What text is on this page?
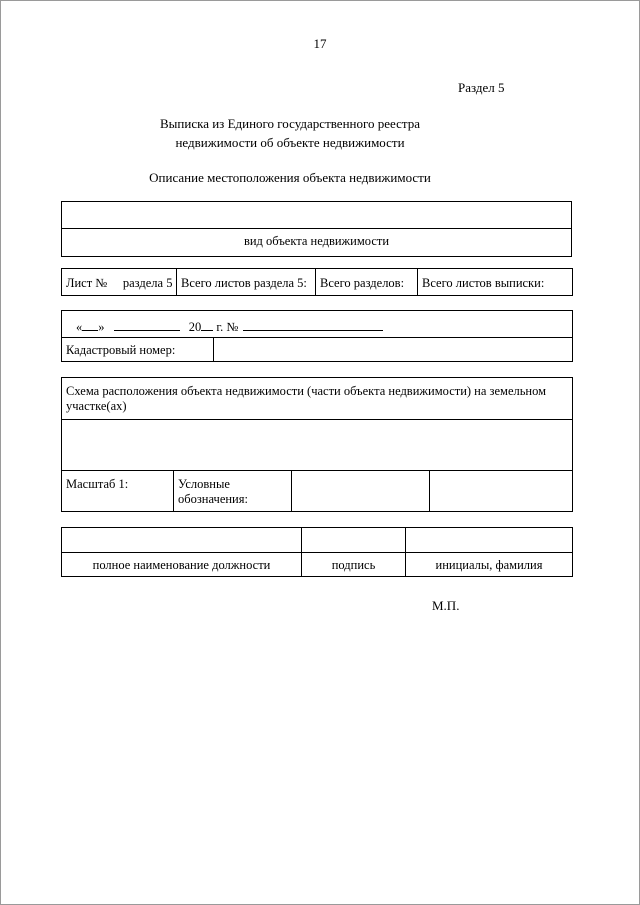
17
Раздел 5
Выписка из Единого государственного реестра
недвижимости об объекте недвижимости
Описание местоположения объекта недвижимости

вид объекта недвижимости
Лист № раздела 5	Всего листов раздела 5:	Всего разделов:	Всего листов выписки:
« »	20 г. №
Кадастровый номер:	
Схема расположения объекта недвижимости (части объекта недвижимости) на земельном участке(ах)

Масштаб 1:	Условные обозначения:		

полное наименование должности	подпись	инициалы, фамилия
М.П.
